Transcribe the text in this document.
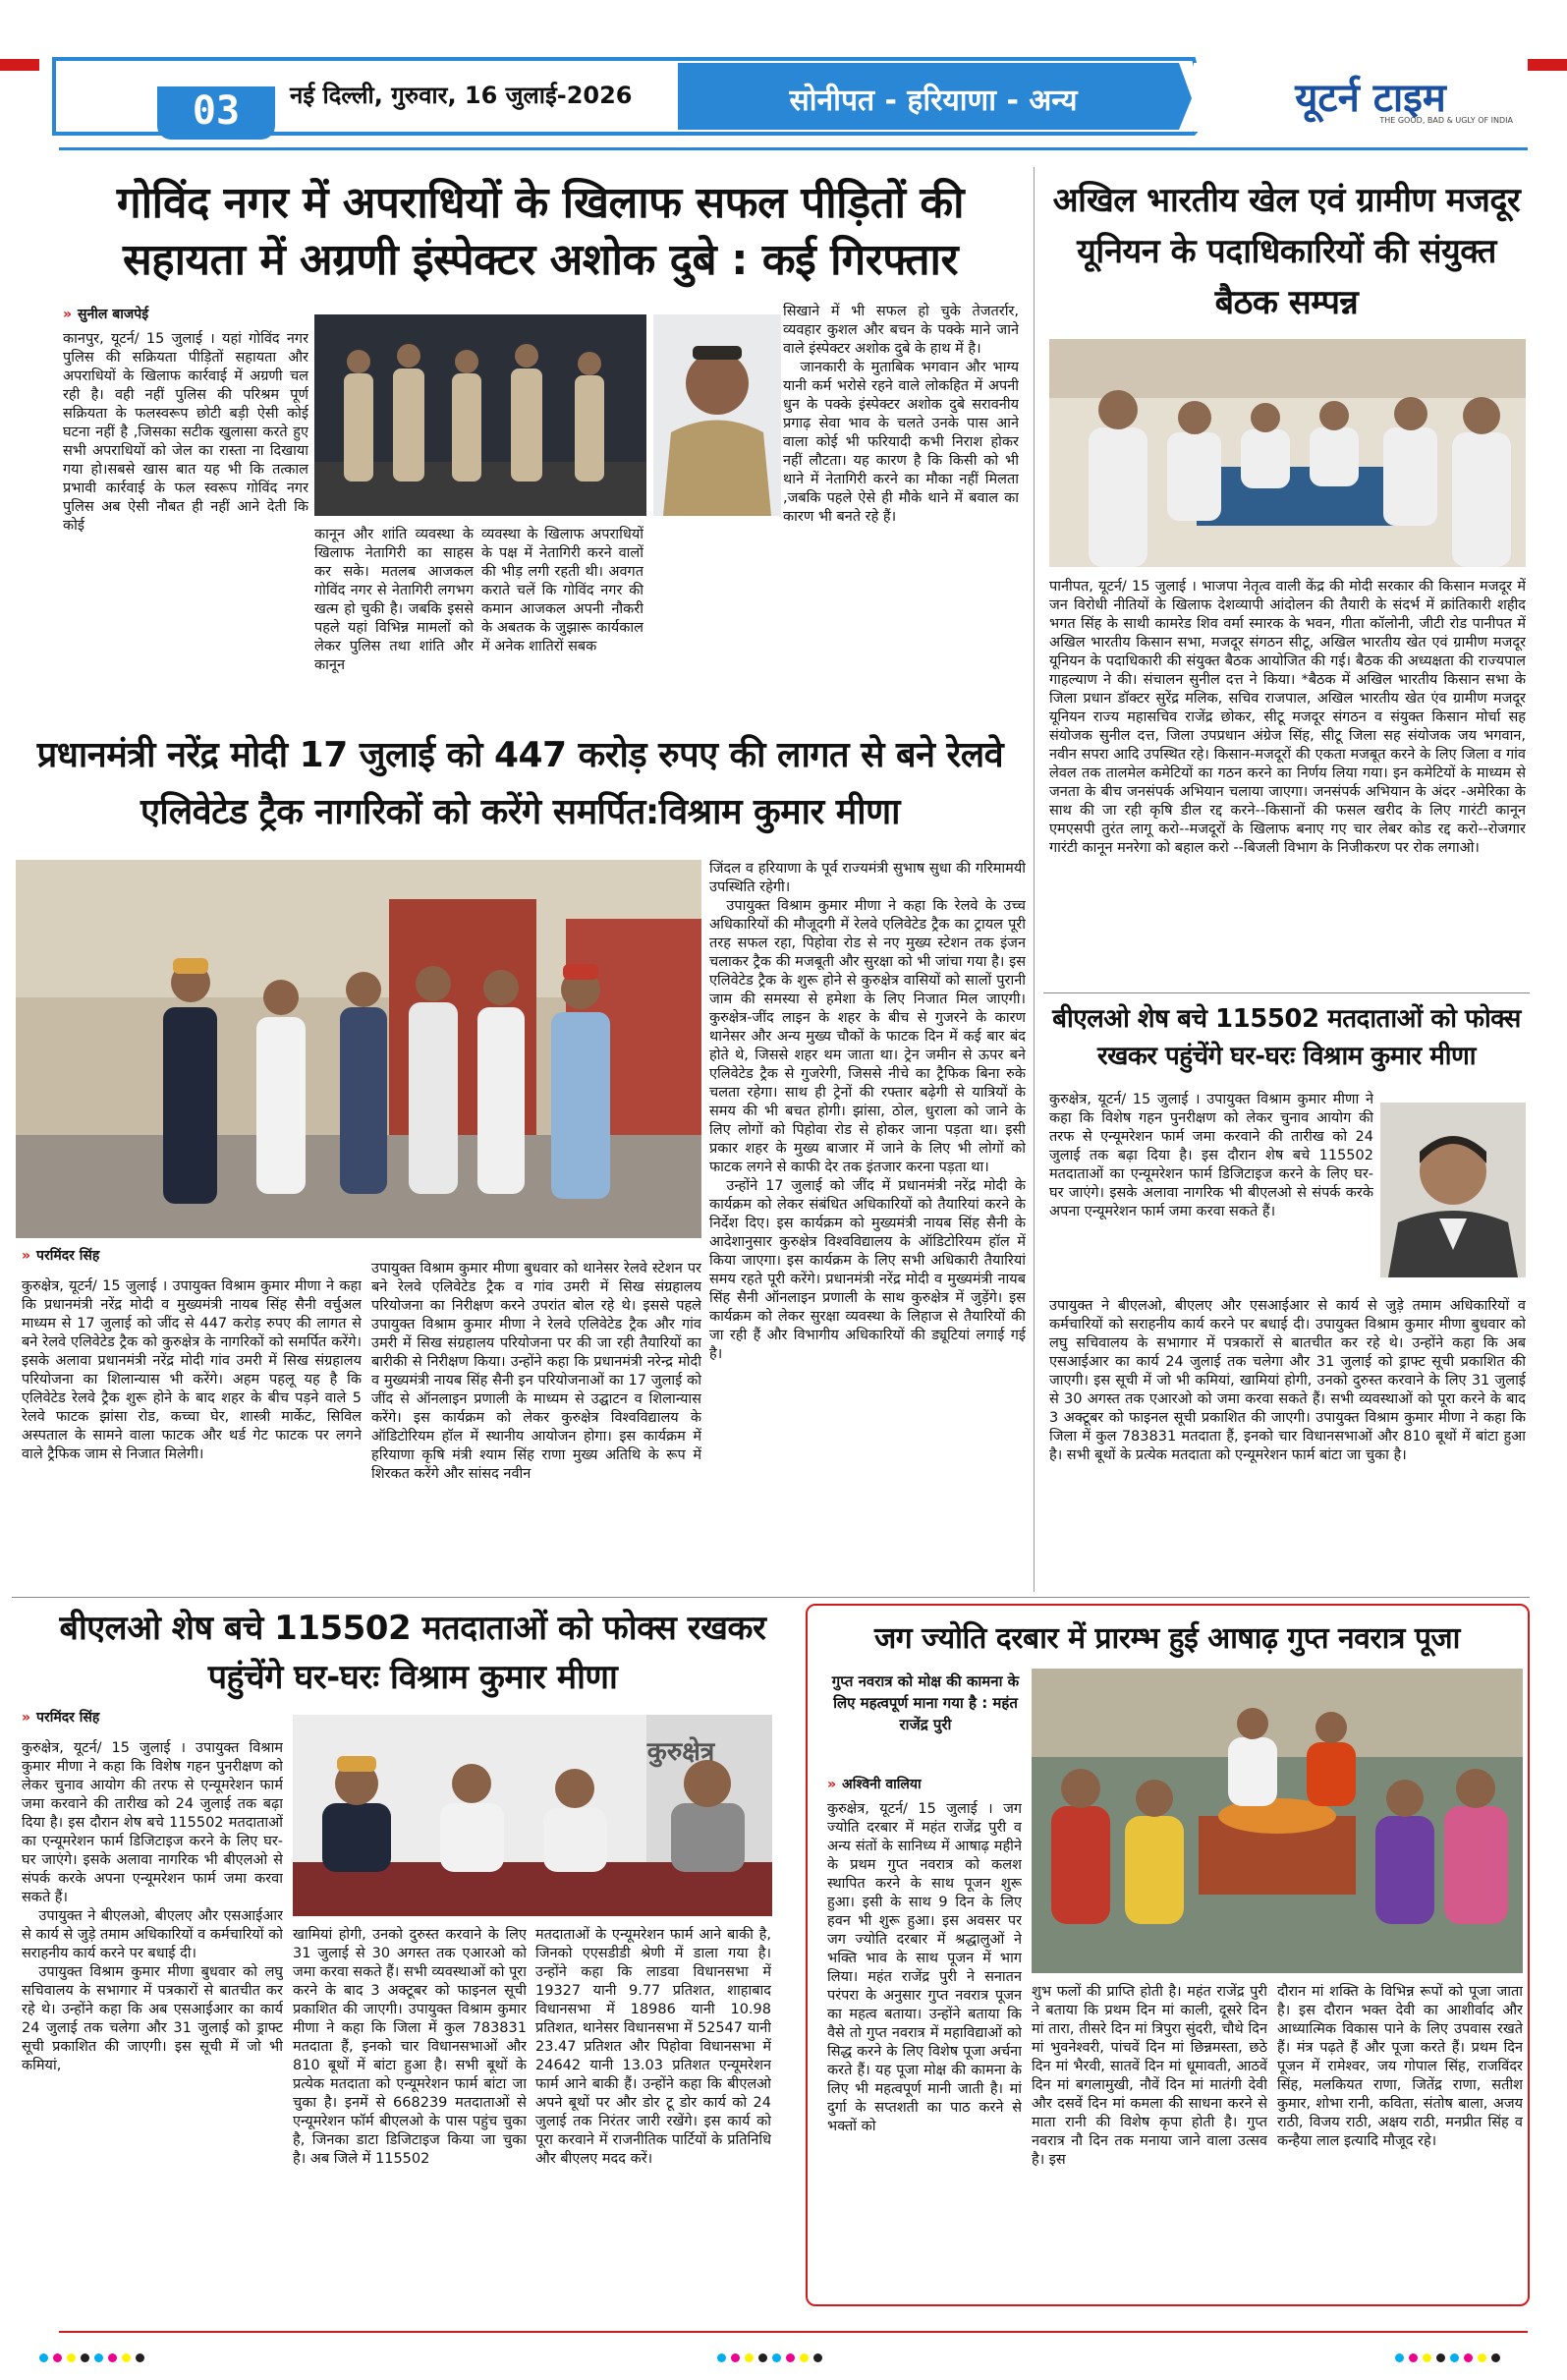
03	नई दिल्ली, गुरुवार, 16 जुलाई-2026	सोनीपत - हरियाणा - अन्य	यूटर्न टाइम
THE GOOD, BAD & UGLY OF INDIA
गोविंद नगर में अपराधियों के खिलाफ सफल पीड़ितों की सहायता में अग्रणी इंस्पेक्टर अशोक दुबे : कई गिरफ्तार
» सुनील बाजपेई
कानपुर, यूटर्न/ 15 जुलाई । यहां गोविंद नगर पुलिस की सक्रियता पीड़ितों सहायता और अपराधियों के खिलाफ कार्रवाई में अग्रणी चल रही है। वही नहीं पुलिस की परिश्रम पूर्ण सक्रियता के फलस्वरूप छोटी बड़ी ऐसी कोई घटना नहीं है ,जिसका सटीक खुलासा करते हुए सभी अपराधियों को जेल का रास्ता ना दिखाया गया हो।सबसे खास बात यह भी कि तत्काल प्रभावी कार्रवाई के फल स्वरूप गोविंद नगर पुलिस अब ऐसी नौबत ही नहीं आने देती कि कोई
कानून और शांति व्यवस्था के खिलाफ नेतागिरी का साहस कर सके। मतलब आजकल गोविंद नगर से नेतागिरी लगभग खत्म हो चुकी है। जबकि इससे पहले यहां विभिन्न मामलों को लेकर पुलिस तथा शांति और कानून
व्यवस्था के खिलाफ अपराधियों के पक्ष में नेतागिरी करने वालों की भीड़ लगी रहती थी। अवगत कराते चलें कि गोविंद नगर की कमान आजकल अपनी नौकरी के अबतक के जुझारू कार्यकाल में अनेक शातिरों सबक
सिखाने में भी सफल हो चुके तेजतर्रार, व्यवहार कुशल और बचन के पक्के माने जाने वाले इंस्पेक्टर अशोक दुबे के हाथ में है।
जानकारी के मुताबिक भगवान और भाग्य यानी कर्म भरोसे रहने वाले लोकहित में अपनी धुन के पक्के इंस्पेक्टर अशोक दुबे सरावनीय प्रगाढ़ सेवा भाव के चलते उनके पास आने वाला कोई भी फरियादी कभी निराश होकर नहीं लौटता। यह कारण है कि किसी को भी थाने में नेतागिरी करने का मौका नहीं मिलता ,जबकि पहले ऐसे ही मौके थाने में बवाल का कारण भी बनते रहे हैं।
अखिल भारतीय खेल एवं ग्रामीण मजदूर यूनियन के पदाधिकारियों की संयुक्त बैठक सम्पन्न
पानीपत, यूटर्न/ 15 जुलाई । भाजपा नेतृत्व वाली केंद्र की मोदी सरकार की किसान मजदूर में जन विरोधी नीतियों के खिलाफ देशव्यापी आंदोलन की तैयारी के संदर्भ में क्रांतिकारी शहीद भगत सिंह के साथी कामरेड शिव वर्मा स्मारक के भवन, गीता कॉलोनी, जीटी रोड पानीपत में अखिल भारतीय किसान सभा, मजदूर संगठन सीटू, अखिल भारतीय खेत एवं ग्रामीण मजदूर यूनियन के पदाधिकारी की संयुक्त बैठक आयोजित की गई। बैठक की अध्यक्षता की राज्यपाल गाहल्याण ने की। संचालन सुनील दत्त ने किया। *बैठक में अखिल भारतीय किसान सभा के जिला प्रधान डॉक्टर सुरेंद्र मलिक, सचिव राजपाल, अखिल भारतीय खेत एंव ग्रामीण मजदूर यूनियन राज्य महासचिव राजेंद्र छोकर, सीटू मजदूर संगठन व संयुक्त किसान मोर्चा सह संयोजक सुनील दत्त, जिला उपप्रधान अंग्रेज सिंह, सीटू जिला सह संयोजक जय भगवान, नवीन सपरा आदि उपस्थित रहे। किसान-मजदूरों की एकता मजबूत करने के लिए जिला व गांव लेवल तक तालमेल कमेटियों का गठन करने का निर्णय लिया गया। इन कमेटियों के माध्यम से जनता के बीच जनसंपर्क अभियान चलाया जाएगा। जनसंपर्क अभियान के अंदर -अमेरिका के साथ की जा रही कृषि डील रद्द करने--किसानों की फसल खरीद के लिए गारंटी कानून एमएसपी तुरंत लागू करो--मजदूरों के खिलाफ बनाए गए चार लेबर कोड रद्द करो--रोजगार गारंटी कानून मनरेगा को बहाल करो --बिजली विभाग के निजीकरण पर रोक लगाओ।
बीएलओ शेष बचे 115502 मतदाताओं को फोक्स रखकर पहुंचेंगे घर-घरः विश्राम कुमार मीणा
कुरुक्षेत्र, यूटर्न/ 15 जुलाई । उपायुक्त विश्राम कुमार मीणा ने कहा कि विशेष गहन पुनरीक्षण को लेकर चुनाव आयोग की तरफ से एन्यूमरेशन फार्म जमा करवाने की तारीख को 24 जुलाई तक बढ़ा दिया है। इस दौरान शेष बचे 115502 मतदाताओं का एन्यूमरेशन फार्म डिजिटाइज करने के लिए घर-घर जाएंगे। इसके अलावा नागरिक भी बीएलओ से संपर्क करके अपना एन्यूमरेशन फार्म जमा करवा सकते हैं।
उपायुक्त ने बीएलओ, बीएलए और एसआईआर से कार्य से जुड़े तमाम अधिकारियों व कर्मचारियों को सराहनीय कार्य करने पर बधाई दी। उपायुक्त विश्राम कुमार मीणा बुधवार को लघु सचिवालय के सभागार में पत्रकारों से बातचीत कर रहे थे। उन्होंने कहा कि अब एसआईआर का कार्य 24 जुलाई तक चलेगा और 31 जुलाई को ड्राफ्ट सूची प्रकाशित की जाएगी। इस सूची में जो भी कमियां, खामियां होगी, उनको दुरुस्त करवाने के लिए 31 जुलाई से 30 अगस्त तक एआरओ को जमा करवा सकते हैं। सभी व्यवस्थाओं को पूरा करने के बाद 3 अक्टूबर को फाइनल सूची प्रकाशित की जाएगी। उपायुक्त विश्राम कुमार मीणा ने कहा कि जिला में कुल 783831 मतदाता हैं, इनको चार विधानसभाओं और 810 बूथों में बांटा हुआ है। सभी बूथों के प्रत्येक मतदाता को एन्यूमरेशन फार्म बांटा जा चुका है।
प्रधानमंत्री नरेंद्र मोदी 17 जुलाई को 447 करोड़ रुपए की लागत से बने रेलवे एलिवेटेड ट्रैक नागरिकों को करेंगे समर्पित:विश्राम कुमार मीणा
जिंदल व हरियाणा के पूर्व राज्यमंत्री सुभाष सुधा की गरिमामयी उपस्थिति रहेगी।
उपायुक्त विश्राम कुमार मीणा ने कहा कि रेलवे के उच्च अधिकारियों की मौजूदगी में रेलवे एलिवेटेड ट्रैक का ट्रायल पूरी तरह सफल रहा, पिहोवा रोड से नए मुख्य स्टेशन तक इंजन चलाकर ट्रैक की मजबूती और सुरक्षा को भी जांचा गया है। इस एलिवेटेड ट्रैक के शुरू होने से कुरुक्षेत्र वासियों को सालों पुरानी जाम की समस्या से हमेशा के लिए निजात मिल जाएगी। कुरुक्षेत्र-जींद लाइन के शहर के बीच से गुजरने के कारण थानेसर और अन्य मुख्य चौकों के फाटक दिन में कई बार बंद होते थे, जिससे शहर थम जाता था। ट्रेन जमीन से ऊपर बने एलिवेटेड ट्रैक से गुजरेगी, जिससे नीचे का ट्रैफिक बिना रुके चलता रहेगा। साथ ही ट्रेनों की रफ्तार बढ़ेगी से यात्रियों के समय की भी बचत होगी। झांसा, ठोल, धुराला को जाने के लिए लोगों को पिहोवा रोड से होकर जाना पड़ता था। इसी प्रकार शहर के मुख्य बाजार में जाने के लिए भी लोगों को फाटक लगने से काफी देर तक इंतजार करना पड़ता था।
उन्होंने 17 जुलाई को जींद में प्रधानमंत्री नरेंद्र मोदी के कार्यक्रम को लेकर संबंधित अधिकारियों को तैयारियां करने के निर्देश दिए। इस कार्यक्रम को मुख्यमंत्री नायब सिंह सैनी के आदेशानुसार कुरुक्षेत्र विश्वविद्यालय के ऑडिटोरियम हॉल में किया जाएगा। इस कार्यक्रम के लिए सभी अधिकारी तैयारियां समय रहते पूरी करेंगे। प्रधानमंत्री नरेंद्र मोदी व मुख्यमंत्री नायब सिंह सैनी ऑनलाइन प्रणाली के साथ कुरुक्षेत्र में जुड़ेंगे। इस कार्यक्रम को लेकर सुरक्षा व्यवस्था के लिहाज से तैयारियों की जा रही हैं और विभागीय अधिकारियों की ड्यूटियां लगाई गई है।
» परमिंदर सिंह
कुरुक्षेत्र, यूटर्न/ 15 जुलाई । उपायुक्त विश्राम कुमार मीणा ने कहा कि प्रधानमंत्री नरेंद्र मोदी व मुख्यमंत्री नायब सिंह सैनी वर्चुअल माध्यम से 17 जुलाई को जींद से 447 करोड़ रुपए की लागत से बने रेलवे एलिवेटेड ट्रैक को कुरुक्षेत्र के नागरिकों को समर्पित करेंगे। इसके अलावा प्रधानमंत्री नरेंद्र मोदी गांव उमरी में सिख संग्रहालय परियोजना का शिलान्यास भी करेंगे। अहम पहलू यह है कि एलिवेटेड रेलवे ट्रैक शुरू होने के बाद शहर के बीच पड़ने वाले 5 रेलवे फाटक झांसा रोड, कच्चा घेर, शास्त्री मार्केट, सिविल अस्पताल के सामने वाला फाटक और थर्ड गेट फाटक पर लगने वाले ट्रैफिक जाम से निजात मिलेगी।
उपायुक्त विश्राम कुमार मीणा बुधवार को थानेसर रेलवे स्टेशन पर बने रेलवे एलिवेटेड ट्रैक व गांव उमरी में सिख संग्रहालय परियोजना का निरीक्षण करने उपरांत बोल रहे थे। इससे पहले उपायुक्त विश्राम कुमार मीणा ने रेलवे एलिवेटेड ट्रैक और गांव उमरी में सिख संग्रहालय परियोजना पर की जा रही तैयारियों का बारीकी से निरीक्षण किया। उन्होंने कहा कि प्रधानमंत्री नरेन्द्र मोदी व मुख्यमंत्री नायब सिंह सैनी इन परियोजनाओं का 17 जुलाई को जींद से ऑनलाइन प्रणाली के माध्यम से उद्घाटन व शिलान्यास करेंगे। इस कार्यक्रम को लेकर कुरुक्षेत्र विश्वविद्यालय के ऑडिटोरियम हॉल में स्थानीय आयोजन होगा। इस कार्यक्रम में हरियाणा कृषि मंत्री श्याम सिंह राणा मुख्य अतिथि के रूप में शिरकत करेंगे और सांसद नवीन
बीएलओ शेष बचे 115502 मतदाताओं को फोक्स रखकर पहुंचेंगे घर-घरः विश्राम कुमार मीणा
» परमिंदर सिंह
कुरुक्षेत्र, यूटर्न/ 15 जुलाई । उपायुक्त विश्राम कुमार मीणा ने कहा कि विशेष गहन पुनरीक्षण को लेकर चुनाव आयोग की तरफ से एन्यूमरेशन फार्म जमा करवाने की तारीख को 24 जुलाई तक बढ़ा दिया है। इस दौरान शेष बचे 115502 मतदाताओं का एन्यूमरेशन फार्म डिजिटाइज करने के लिए घर-घर जाएंगे। इसके अलावा नागरिक भी बीएलओ से संपर्क करके अपना एन्यूमरेशन फार्म जमा करवा सकते हैं।
उपायुक्त ने बीएलओ, बीएलए और एसआईआर से कार्य से जुड़े तमाम अधिकारियों व कर्मचारियों को सराहनीय कार्य करने पर बधाई दी।
उपायुक्त विश्राम कुमार मीणा बुधवार को लघु सचिवालय के सभागार में पत्रकारों से बातचीत कर रहे थे। उन्होंने कहा कि अब एसआईआर का कार्य 24 जुलाई तक चलेगा और 31 जुलाई को ड्राफ्ट सूची प्रकाशित की जाएगी। इस सूची में जो भी कमियां,
कुरुक्षेत्र
खामियां होगी, उनको दुरुस्त करवाने के लिए 31 जुलाई से 30 अगस्त तक एआरओ को जमा करवा सकते हैं। सभी व्यवस्थाओं को पूरा करने के बाद 3 अक्टूबर को फाइनल सूची प्रकाशित की जाएगी। उपायुक्त विश्राम कुमार मीणा ने कहा कि जिला में कुल 783831 मतदाता हैं, इनको चार विधानसभाओं और 810 बूथों में बांटा हुआ है। सभी बूथों के प्रत्येक मतदाता को एन्यूमरेशन फार्म बांटा जा चुका है। इनमें से 668239 मतदाताओं से एन्यूमरेशन फॉर्म बीएलओ के पास पहुंच चुका है, जिनका डाटा डिजिटाइज किया जा चुका है। अब जिले में 115502
मतदाताओं के एन्यूमरेशन फार्म आने बाकी है, जिनको एएसडीडी श्रेणी में डाला गया है। उन्होंने कहा कि लाडवा विधानसभा में 19327 यानी 9.77 प्रतिशत, शाहाबाद विधानसभा में 18986 यानी 10.98 प्रतिशत, थानेसर विधानसभा में 52547 यानी 23.47 प्रतिशत और पिहोवा विधानसभा में 24642 यानी 13.03 प्रतिशत एन्यूमरेशन फार्म आने बाकी हैं। उन्होंने कहा कि बीएलओ अपने बूथों पर और डोर टू डोर कार्य को 24 जुलाई तक निरंतर जारी रखेंगे। इस कार्य को पूरा करवाने में राजनीतिक पार्टियों के प्रतिनिधि और बीएलए मदद करें।
जग ज्योति दरबार में प्रारम्भ हुई आषाढ़ गुप्त नवरात्र पूजा
गुप्त नवरात्र को मोक्ष की कामना के लिए महत्वपूर्ण माना गया है : महंत राजेंद्र पुरी
» अश्विनी वालिया
कुरुक्षेत्र, यूटर्न/ 15 जुलाई । जग ज्योति दरबार में महंत राजेंद्र पुरी व अन्य संतों के सानिध्य में आषाढ़ महीने के प्रथम गुप्त नवरात्र को कलश स्थापित करने के साथ पूजन शुरू हुआ। इसी के साथ 9 दिन के लिए हवन भी शुरू हुआ। इस अवसर पर जग ज्योति दरबार में श्रद्धालुओं ने भक्ति भाव के साथ पूजन में भाग लिया। महंत राजेंद्र पुरी ने सनातन परंपरा के अनुसार गुप्त नवरात्र पूजन का महत्व बताया। उन्होंने बताया कि वैसे तो गुप्त नवरात्र में महाविद्याओं को सिद्ध करने के लिए विशेष पूजा अर्चना करते हैं। यह पूजा मोक्ष की कामना के लिए भी महत्वपूर्ण मानी जाती है। मां दुर्गा के सप्तशती का पाठ करने से भक्तों को
शुभ फलों की प्राप्ति होती है। महंत राजेंद्र पुरी ने बताया कि प्रथम दिन मां काली, दूसरे दिन मां तारा, तीसरे दिन मां त्रिपुरा सुंदरी, चौथे दिन मां भुवनेश्वरी, पांचवें दिन मां छिन्नमस्ता, छठे दिन मां भैरवी, सातवें दिन मां धूमावती, आठवें दिन मां बगलामुखी, नौवें दिन मां मातंगी देवी और दसवें दिन मां कमला की साधना करने से माता रानी की विशेष कृपा होती है। गुप्त नवरात्र नौ दिन तक मनाया जाने वाला उत्सव है। इस
दौरान मां शक्ति के विभिन्न रूपों को पूजा जाता है। इस दौरान भक्त देवी का आशीर्वाद और आध्यात्मिक विकास पाने के लिए उपवास रखते हैं। मंत्र पढ़ते हैं और पूजा करते हैं। प्रथम दिन पूजन में रामेश्वर, जय गोपाल सिंह, राजविंदर सिंह, मलकियत राणा, जितेंद्र राणा, सतीश कुमार, शोभा रानी, कविता, संतोष बाला, अजय राठी, विजय राठी, अक्षय राठी, मनप्रीत सिंह व कन्हैया लाल इत्यादि मौजूद रहे।
